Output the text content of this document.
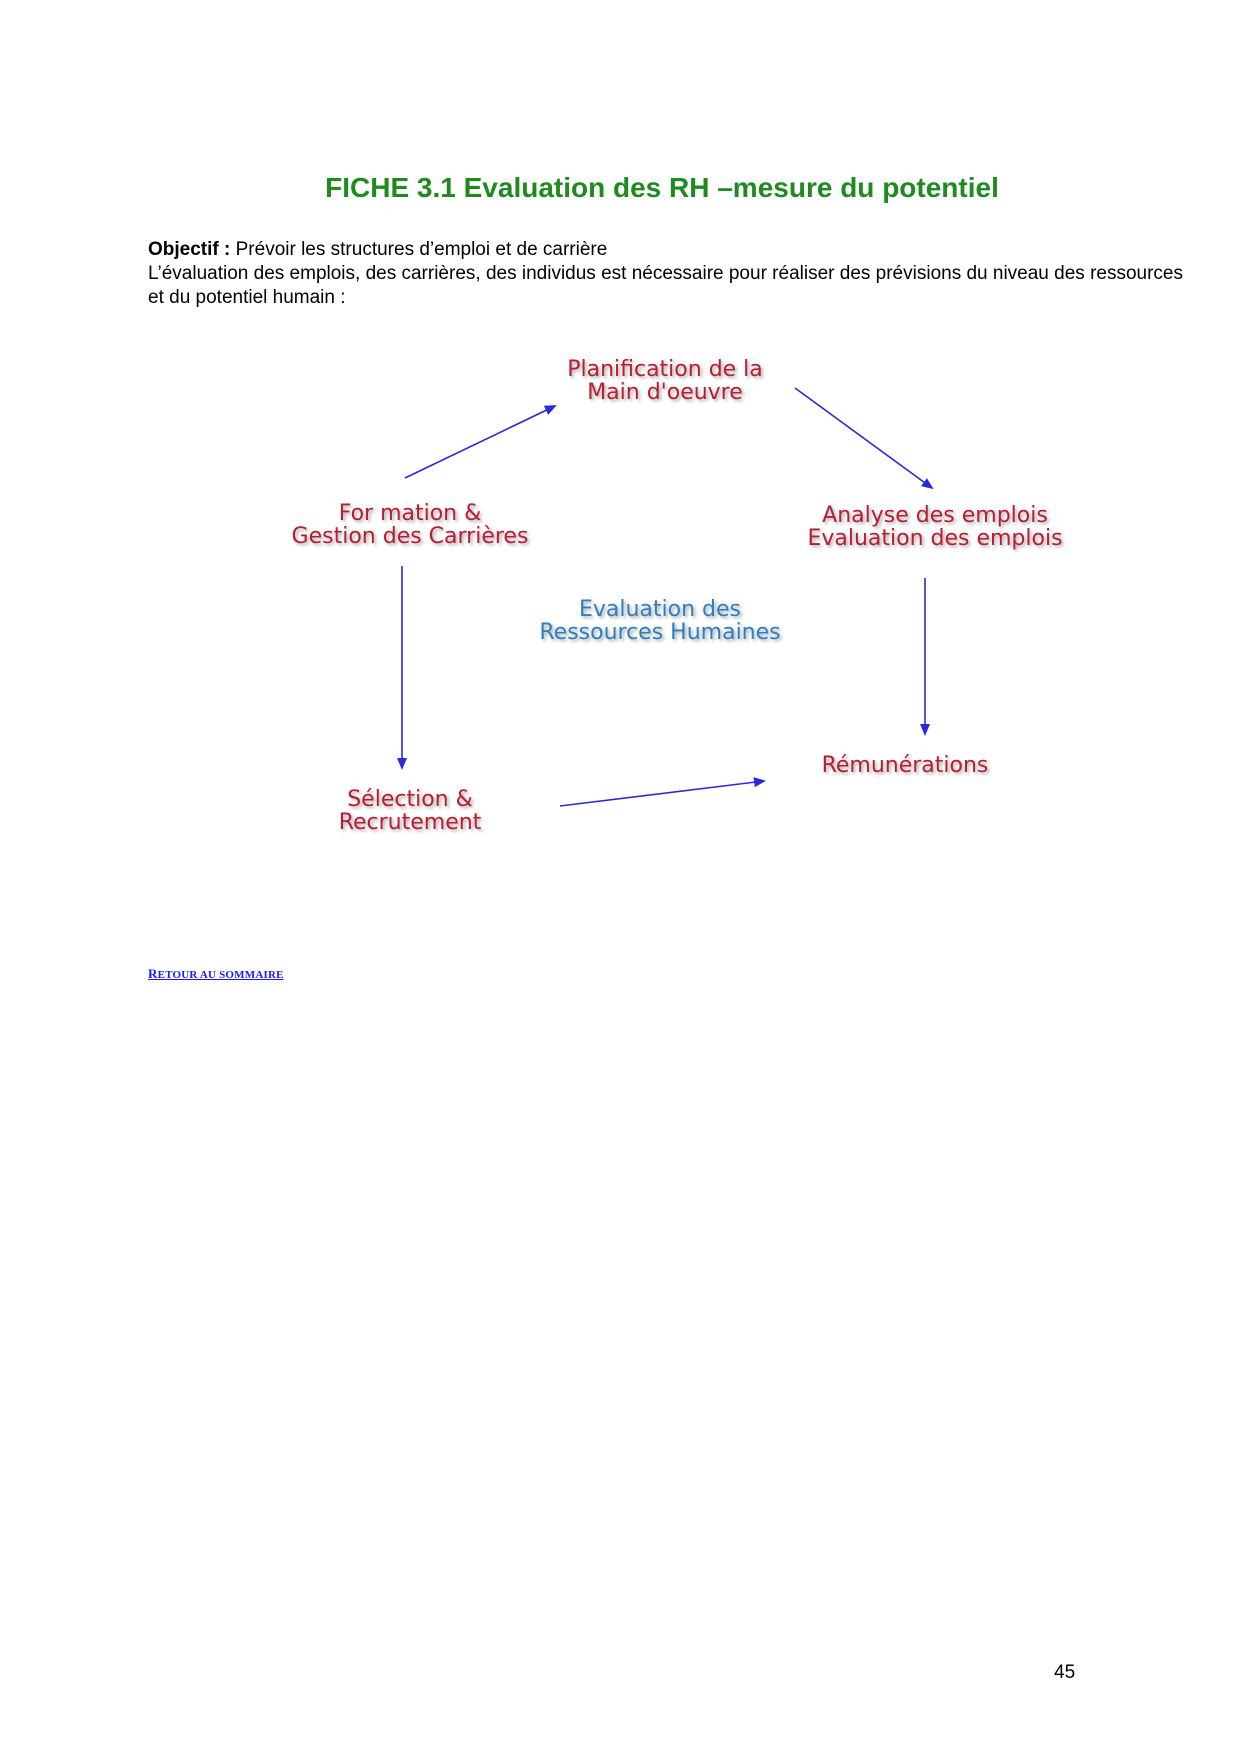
FICHE 3.1 Evaluation des RH –mesure du potentiel
Objectif : Prévoir les structures d’emploi et de carrière
L’évaluation des emplois, des carrières, des individus est nécessaire pour réaliser des prévisions du niveau des ressources et du potentiel humain :
Planification de la
Main d'oeuvre
Analyse des emplois
Evaluation des emplois
For mation &
Gestion des Carrières
Rémunérations
Sélection &
Recrutement
Evaluation des
Ressources Humaines
RETOUR AU SOMMAIRE
45
